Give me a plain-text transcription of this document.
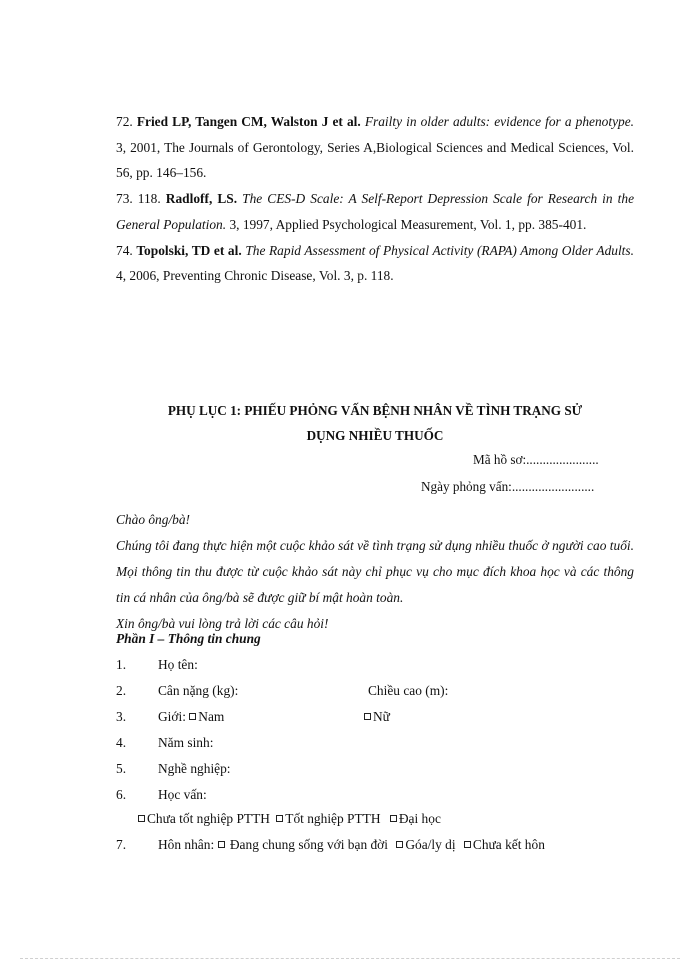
72. Fried LP, Tangen CM, Walston J et al. Frailty in older adults: evidence for a phenotype. 3, 2001, The Journals of Gerontology, Series A,Biological Sciences and Medical Sciences, Vol. 56, pp. 146–156.

73. 118. Radloff, LS. The CES-D Scale: A Self-Report Depression Scale for Research in the General Population. 3, 1997, Applied Psychological Measurement, Vol. 1, pp. 385-401.

74. Topolski, TD et al. The Rapid Assessment of Physical Activity (RAPA) Among Older Adults. 4, 2006, Preventing Chronic Disease, Vol. 3, p. 118.

PHỤ LỤC 1: PHIẾU PHỎNG VẤN BỆNH NHÂN VỀ TÌNH TRẠNG SỬ
DỤNG NHIỀU THUỐC
Mã hồ sơ:......................
Ngày phỏng vấn:.........................

Chào ông/bà!

Chúng tôi đang thực hiện một cuộc khảo sát về tình trạng sử dụng nhiều thuốc ở người cao tuổi. Mọi thông tin thu được từ cuộc khảo sát này chỉ phục vụ cho mục đích khoa học và các thông tin cá nhân của ông/bà sẽ được giữ bí mật hoàn toàn.

Xin ông/bà vui lòng trả lời các câu hỏi!

Phần I – Thông tin chung
1. Họ tên:
2. Cân nặng (kg):	Chiều cao (m):
3. Giới: Nam	Nữ
4. Năm sinh:
5. Nghề nghiệp:
6. Học vấn:
Chưa tốt nghiệp PTTH Tốt nghiệp PTTH Đại học
7. Hôn nhân: Đang chung sống với bạn đời Góa/ly dị Chưa kết hôn
